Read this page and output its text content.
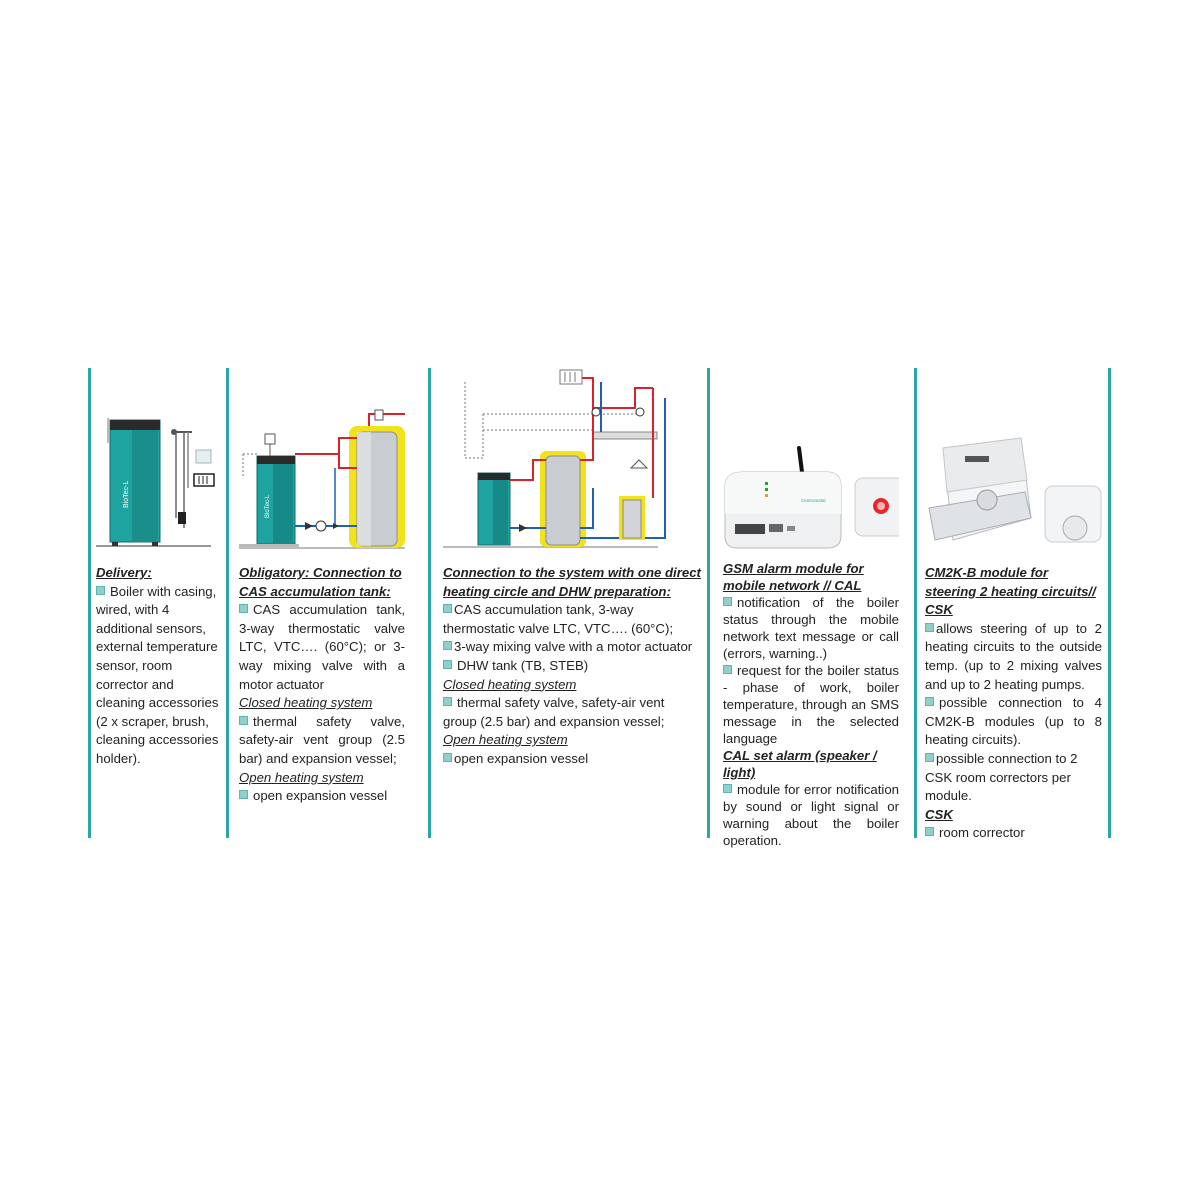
BioTec-L

Delivery:

Boiler with casing, wired, with 4 additional sensors, external temperature sensor, room corrector and cleaning accessories (2 x scraper, brush, cleaning accessories holder).

BioTec-L

Obligatory: Connection to CAS accumulation tank:

CAS accumulation tank, 3-way thermostatic valve LTC, VTC…. (60°C); or 3-way mixing valve with a motor actuator

Closed heating system

thermal safety valve, safety-air vent group (2.5 bar) and expansion vessel;

Open heating system

open expansion vessel

Connection to the system with one direct heating circle and DHW preparation:

CAS accumulation tank, 3-way thermostatic valve LTC, VTC…. (60°C);

3-way mixing valve with a motor actuator

DHW tank (TB, STEB)

Closed heating system

thermal safety valve, safety-air vent group (2.5 bar) and expansion vessel;

Open heating system

open expansion vessel

Centrometal

GSM alarm module for mobile network // CAL

notification of the boiler status through the mobile network text message or call (errors, warning..)

request for the boiler status - phase of work, boiler temperature, through an SMS message in the selected language

CAL set alarm (speaker / light)

module for error notification by sound or light signal or warning about the boiler operation.

CM2K-B module for steering 2 heating circuits// CSK

allows steering of up to 2 heating circuits to the outside temp. (up to 2 mixing valves and up to 2 heating pumps.

possible connection to 4 CM2K-B modules (up to 8 heating circuits).

possible connection to 2 CSK room correctors per module.

CSK

room corrector
